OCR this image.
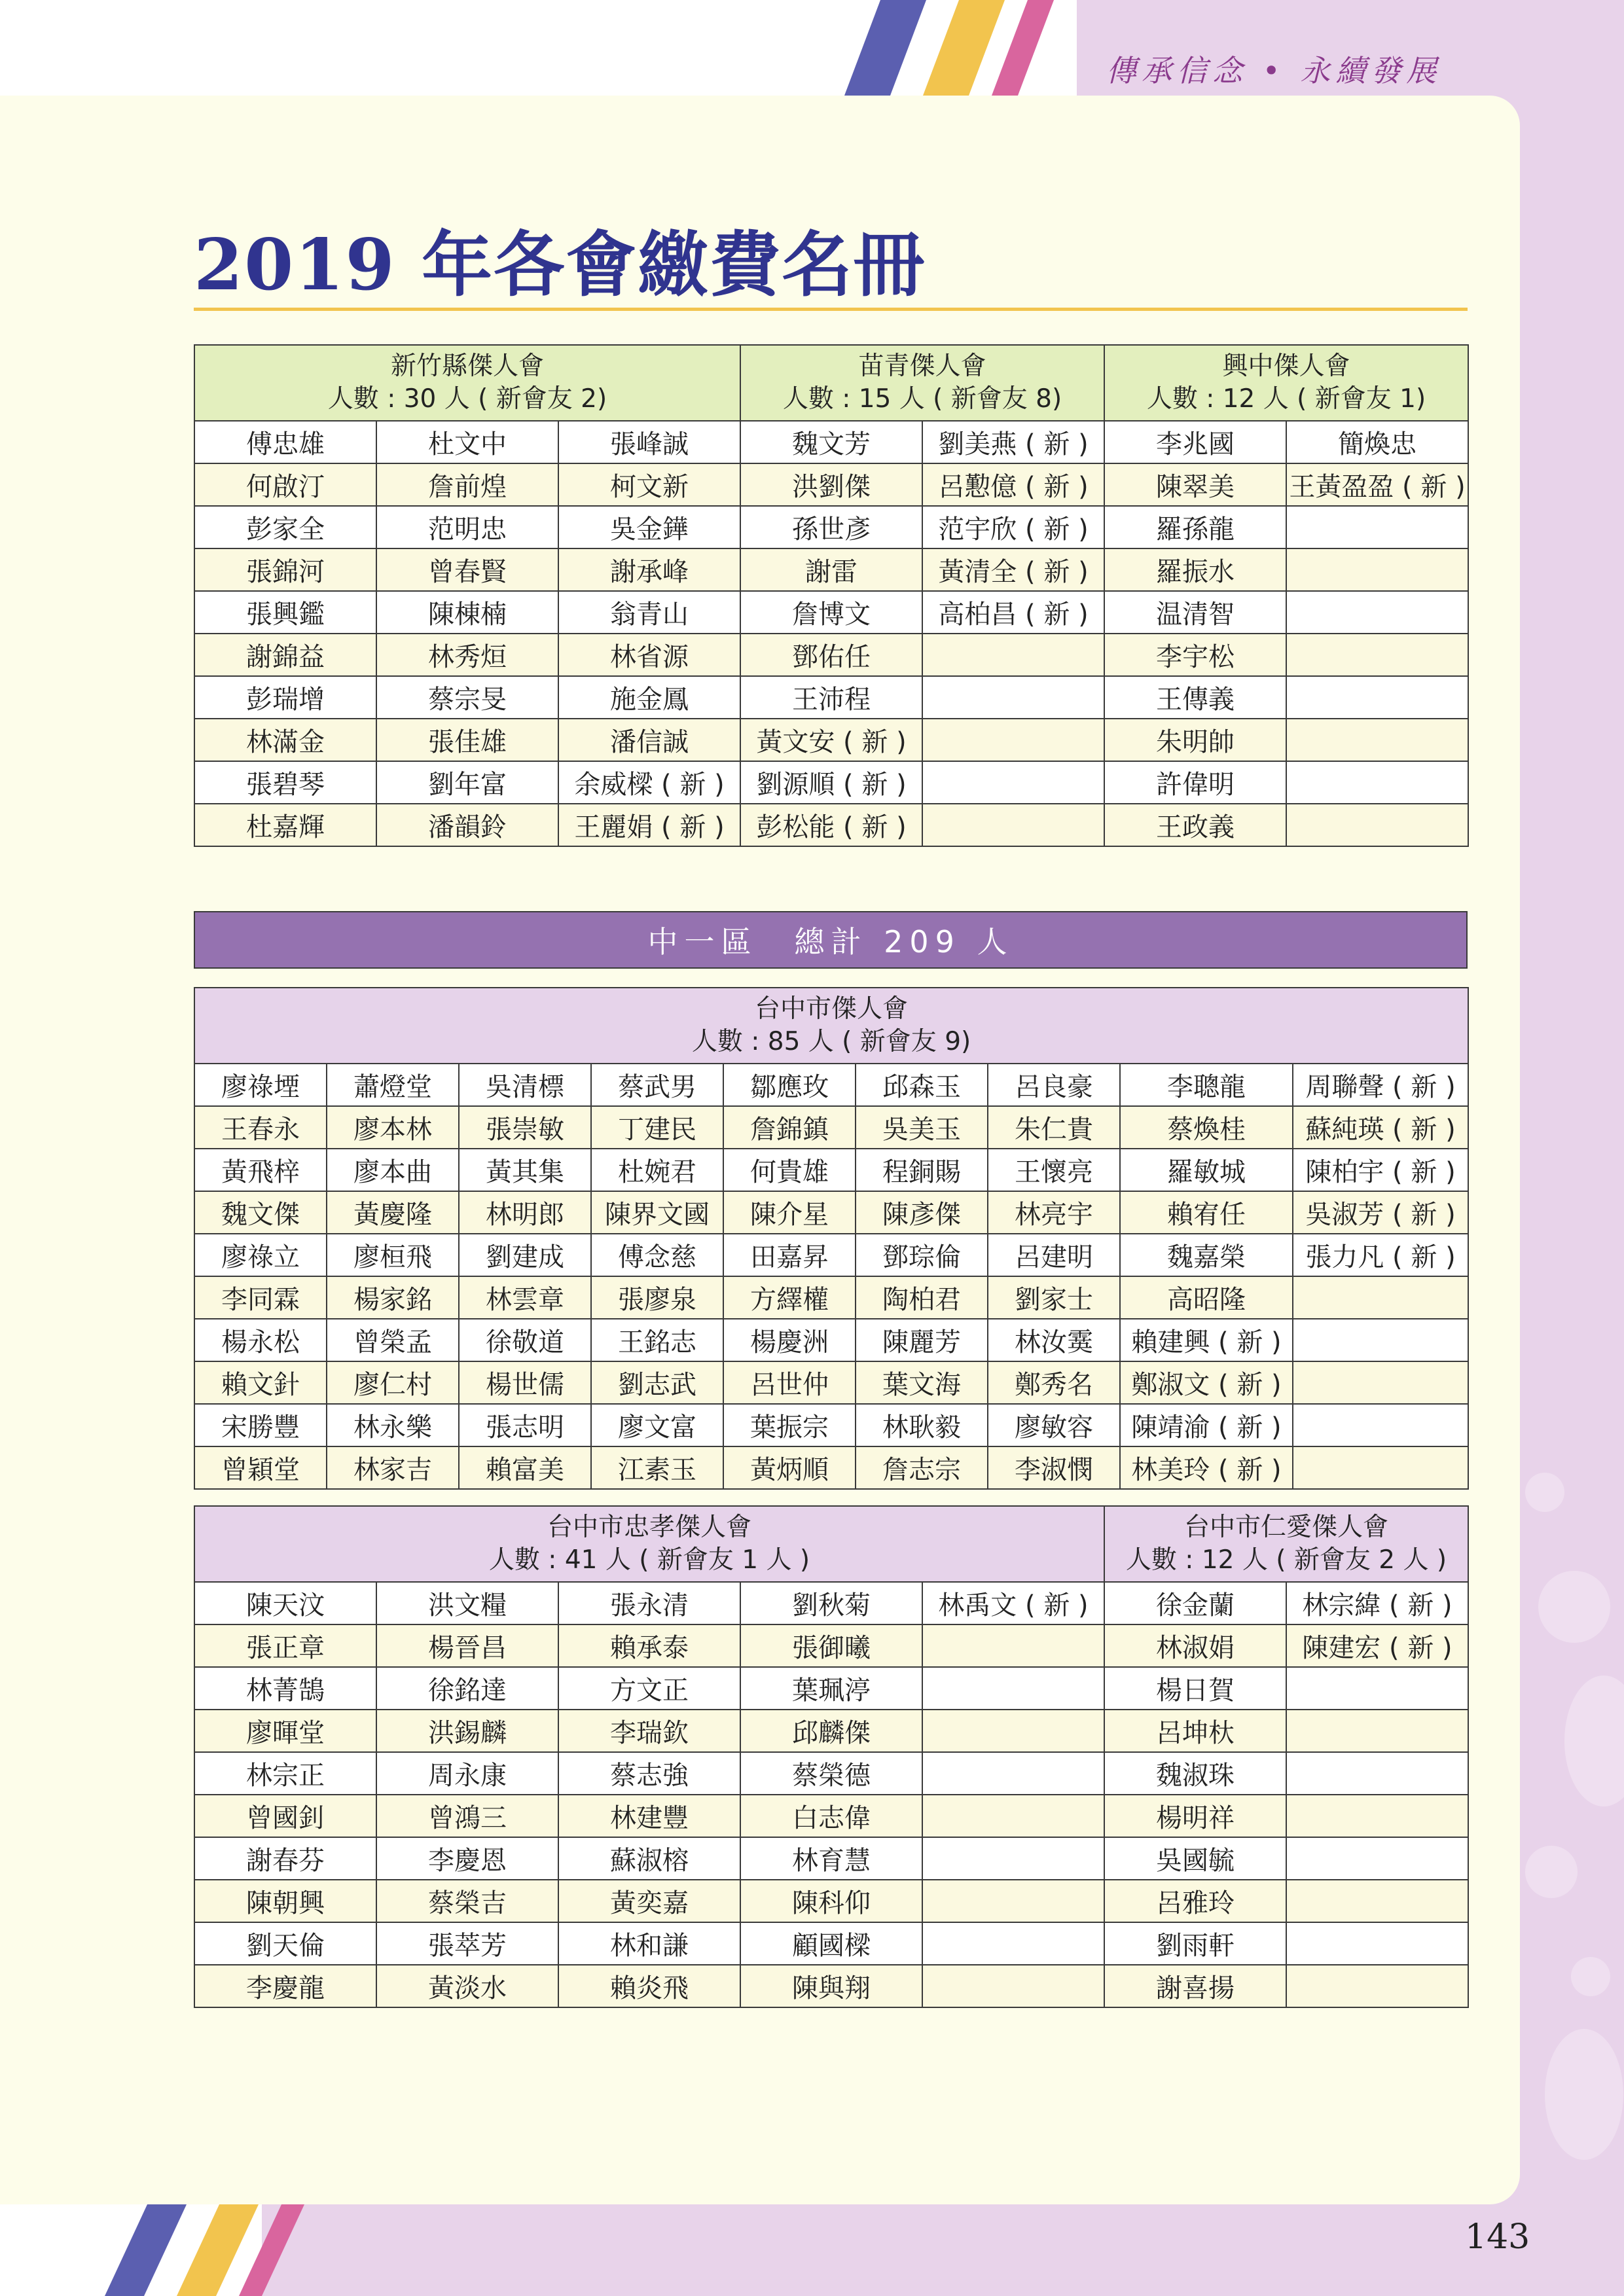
傳承信念 • 永續發展
2019 年各會繳費名冊
新竹縣傑人會
人數 : 30 人 ( 新會友 2)			苗青傑人會
人數 : 15 人 ( 新會友 8)		興中傑人會
人數 : 12 人 ( 新會友 1)	
傅忠雄	杜文中	張峰誠	魏文芳	劉美燕 ( 新 )	李兆國	簡煥忠
何啟汀	詹前煌	柯文新	洪劉傑	呂懃億 ( 新 )	陳翠美	王黃盈盈 ( 新 )
彭家全	范明忠	吳金鏵	孫世彥	范宇欣 ( 新 )	羅孫龍	
張錦河	曾春賢	謝承峰	謝雷	黃清全 ( 新 )	羅振水	
張興鑑	陳棟楠	翁青山	詹博文	高柏昌 ( 新 )	温清智	
謝錦益	林秀烜	林省源	鄧佑任		李宇松	
彭瑞增	蔡宗旻	施金鳳	王沛程		王傳義	
林滿金	張佳雄	潘信誠	黃文安 ( 新 )		朱明帥	
張碧琴	劉年富	余威樑 ( 新 )	劉源順 ( 新 )		許偉明	
杜嘉輝	潘韻鈴	王麗娟 ( 新 )	彭松能 ( 新 )		王政義	
中一區　總計 209 人
台中市傑人會
人數 : 85 人 ( 新會友 9)								
廖祿堙	蕭燈堂	吳清標	蔡武男	鄒應玫	邱森玉	呂良豪	李聰龍	周聯聲 ( 新 )
王春永	廖本林	張崇敏	丁建民	詹錦鎮	吳美玉	朱仁貴	蔡煥桂	蘇純瑛 ( 新 )
黃飛梓	廖本曲	黃其集	杜婉君	何貴雄	程銅賜	王懷亮	羅敏城	陳柏宇 ( 新 )
魏文傑	黃慶隆	林明郎	陳界文國	陳介星	陳彥傑	林亮宇	賴宥任	吳淑芳 ( 新 )
廖祿立	廖桓飛	劉建成	傅念慈	田嘉昇	鄧琮倫	呂建明	魏嘉榮	張力凡 ( 新 )
李同霖	楊家銘	林雲章	張廖泉	方繹權	陶柏君	劉家士	高昭隆	
楊永松	曾榮孟	徐敬道	王銘志	楊慶洲	陳麗芳	林汝霙	賴建興 ( 新 )	
賴文針	廖仁村	楊世儒	劉志武	呂世仲	葉文海	鄭秀名	鄭淑文 ( 新 )	
宋勝豐	林永樂	張志明	廖文富	葉振宗	林耿毅	廖敏容	陳靖渝 ( 新 )	
曾穎堂	林家吉	賴富美	江素玉	黃炳順	詹志宗	李淑憫	林美玲 ( 新 )	
台中市忠孝傑人會
人數 : 41 人 ( 新會友 1 人 )					台中市仁愛傑人會
人數 : 12 人 ( 新會友 2 人 )	
陳天汶	洪文糧	張永清	劉秋菊	林禹文 ( 新 )	徐金蘭	林宗緯 ( 新 )
張正章	楊晉昌	賴承泰	張御曦		林淑娟	陳建宏 ( 新 )
林菁鵠	徐銘達	方文正	葉珮渟		楊日賀	
廖暉堂	洪錫麟	李瑞欽	邱麟傑		呂坤杕	
林宗正	周永康	蔡志強	蔡榮德		魏淑珠	
曾國釗	曾鴻三	林建豐	白志偉		楊明祥	
謝春芬	李慶恩	蘇淑榕	林育慧		吳國毓	
陳朝興	蔡榮吉	黃奕嘉	陳科仰		呂雅玲	
劉天倫	張萃芳	林和謙	顧國樑		劉雨軒	
李慶龍	黃淡水	賴炎飛	陳與翔		謝喜揚	
143
